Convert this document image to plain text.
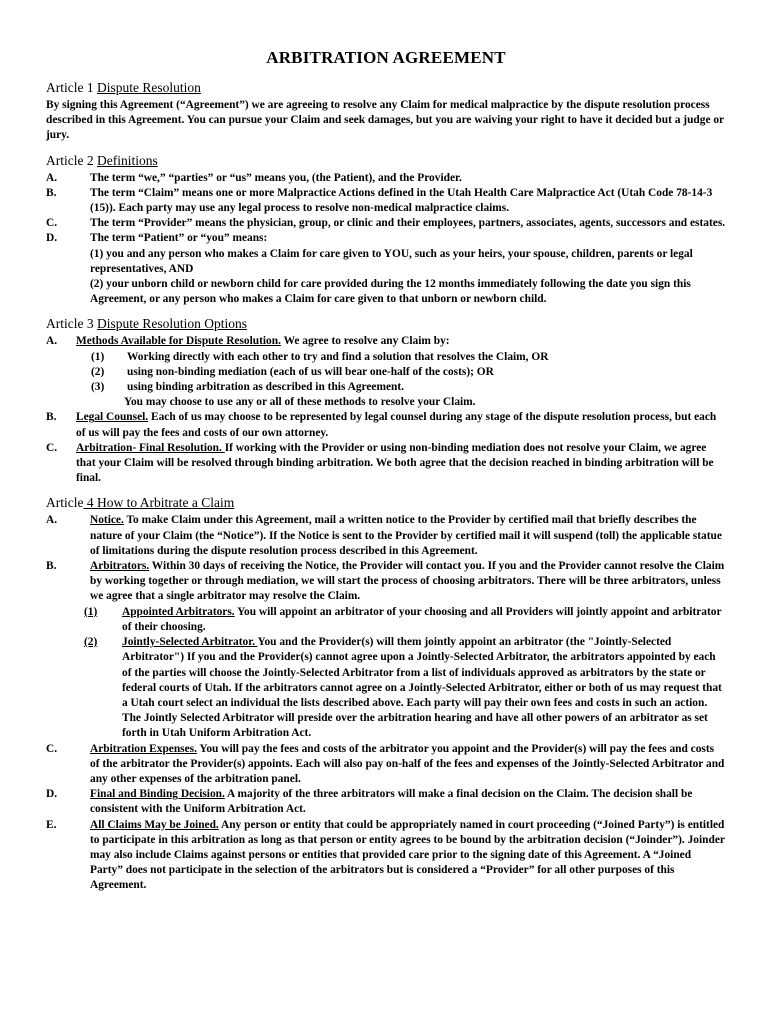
ARBITRATION AGREEMENT
Article 1 Dispute Resolution

By signing this Agreement (“Agreement”) we are agreeing to resolve any Claim for medical malpractice by the dispute resolution process described in this Agreement. You can pursue your Claim and seek damages, but you are waiving your right to have it decided but a judge or jury.

Article 2 Definitions
A.	The term “we,” “parties” or “us” means you, (the Patient), and the Provider.
B.	The term “Claim” means one or more Malpractice Actions defined in the Utah Health Care Malpractice Act (Utah Code 78-14-3 (15)). Each party may use any legal process to resolve non-medical malpractice claims.
C.	The term “Provider” means the physician, group, or clinic and their employees, partners, associates, agents, successors and estates.
D.	The term “Patient” or “you” means:
(1) you and any person who makes a Claim for care given to YOU, such as your heirs, your spouse, children, parents or legal representatives, AND
(2) your unborn child or newborn child for care provided during the 12 months immediately following the date you sign this Agreement, or any person who makes a Claim for care given to that unborn or newborn child.
Article 3 Dispute Resolution Options
A.	Methods Available for Dispute Resolution. We agree to resolve any Claim by:
(1)	Working directly with each other to try and find a solution that resolves the Claim, OR
(2)	using non-binding mediation (each of us will bear one-half of the costs); OR
(3)	using binding arbitration as described in this Agreement.

You may choose to use any or all of these methods to resolve your Claim.

B.	Legal Counsel. Each of us may choose to be represented by legal counsel during any stage of the dispute resolution process, but each of us will pay the fees and costs of our own attorney.
C.	Arbitration- Final Resolution. If working with the Provider or using non-binding mediation does not resolve your Claim, we agree that your Claim will be resolved through binding arbitration. We both agree that the decision reached in binding arbitration will be final.
Article 4 How to Arbitrate a Claim
A.	Notice. To make Claim under this Agreement, mail a written notice to the Provider by certified mail that briefly describes the nature of your Claim (the “Notice”). If the Notice is sent to the Provider by certified mail it will suspend (toll) the applicable statue of limitations during the dispute resolution process described in this Agreement.
B.	Arbitrators. Within 30 days of receiving the Notice, the Provider will contact you. If you and the Provider cannot resolve the Claim by working together or through mediation, we will start the process of choosing arbitrators. There will be three arbitrators, unless we agree that a single arbitrator may resolve the Claim.
(1)	Appointed Arbitrators. You will appoint an arbitrator of your choosing and all Providers will jointly appoint and arbitrator of their choosing.
(2)	Jointly-Selected Arbitrator. You and the Provider(s) will them jointly appoint an arbitrator (the "Jointly-Selected Arbitrator") If you and the Provider(s) cannot agree upon a Jointly-Selected Arbitrator, the arbitrators appointed by each of the parties will choose the Jointly-Selected Arbitrator from a list of individuals approved as arbitrators by the state or federal courts of Utah. If the arbitrators cannot agree on a Jointly-Selected Arbitrator, either or both of us may request that a Utah court select an individual the lists described above. Each party will pay their own fees and costs in such an action. The Jointly Selected Arbitrator will preside over the arbitration hearing and have all other powers of an arbitrator as set forth in Utah Uniform Arbitration Act.
C.	Arbitration Expenses. You will pay the fees and costs of the arbitrator you appoint and the Provider(s) will pay the fees and costs of the arbitrator the Provider(s) appoints. Each will also pay on-half of the fees and expenses of the Jointly-Selected Arbitrator and any other expenses of the arbitration panel.
D.	Final and Binding Decision. A majority of the three arbitrators will make a final decision on the Claim. The decision shall be consistent with the Uniform Arbitration Act.
E.	All Claims May be Joined. Any person or entity that could be appropriately named in court proceeding (“Joined Party”) is entitled to participate in this arbitration as long as that person or entity agrees to be bound by the arbitration decision (“Joinder”). Joinder may also include Claims against persons or entities that provided care prior to the signing date of this Agreement. A “Joined Party” does not participate in the selection of the arbitrators but is considered a “Provider” for all other purposes of this Agreement.
